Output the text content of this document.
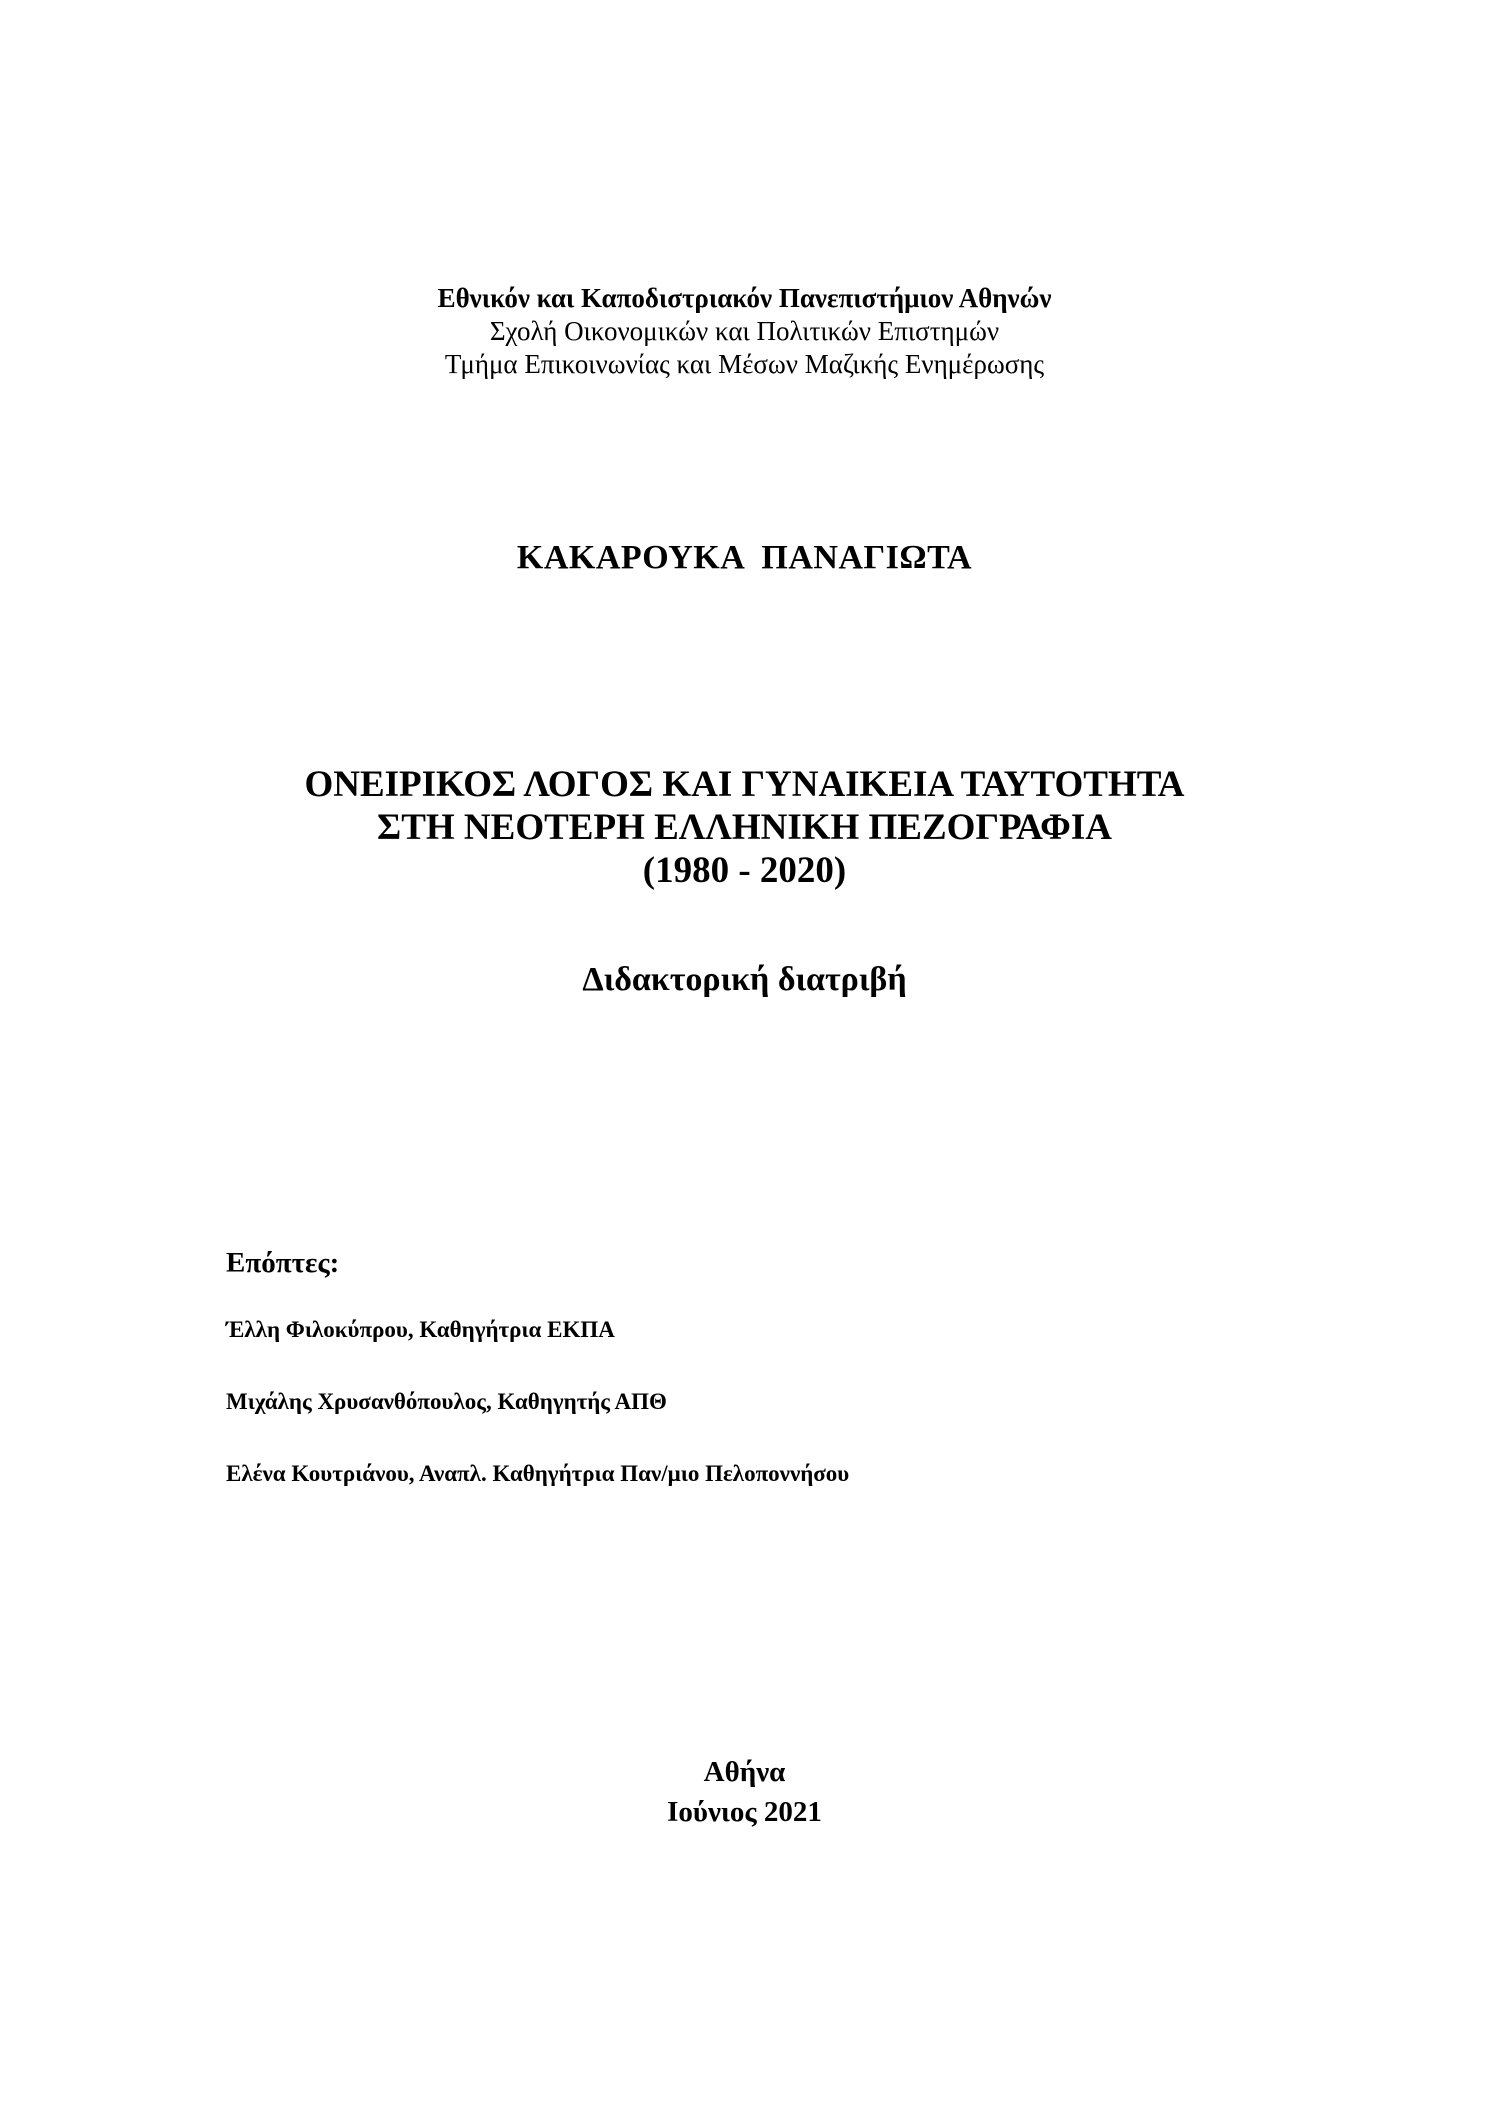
Εθνικόν και Καποδιστριακόν Πανεπιστήμιον Αθηνών
Σχολή Οικονομικών και Πολιτικών Επιστημών
Τμήμα Επικοινωνίας και Μέσων Μαζικής Ενημέρωσης
ΚΑΚΑΡΟΥΚΑ  ΠΑΝΑΓΙΩΤΑ
ΟΝΕΙΡΙΚΟΣ ΛΟΓΟΣ ΚΑΙ ΓΥΝΑΙΚΕΙΑ ΤΑΥΤΟΤΗΤΑ
ΣΤΗ ΝΕΟΤΕΡΗ ΕΛΛΗΝΙΚΗ ΠΕΖΟΓΡΑΦΙΑ
(1980 - 2020)
Διδακτορική διατριβή
Επόπτες:
Έλλη Φιλοκύπρου, Καθηγήτρια ΕΚΠΑ
Μιχάλης Χρυσανθόπουλος, Καθηγητής ΑΠΘ
Ελένα Κουτριάνου, Αναπλ. Καθηγήτρια Παν/μιο Πελοποννήσου
Αθήνα
Ιούνιος 2021
